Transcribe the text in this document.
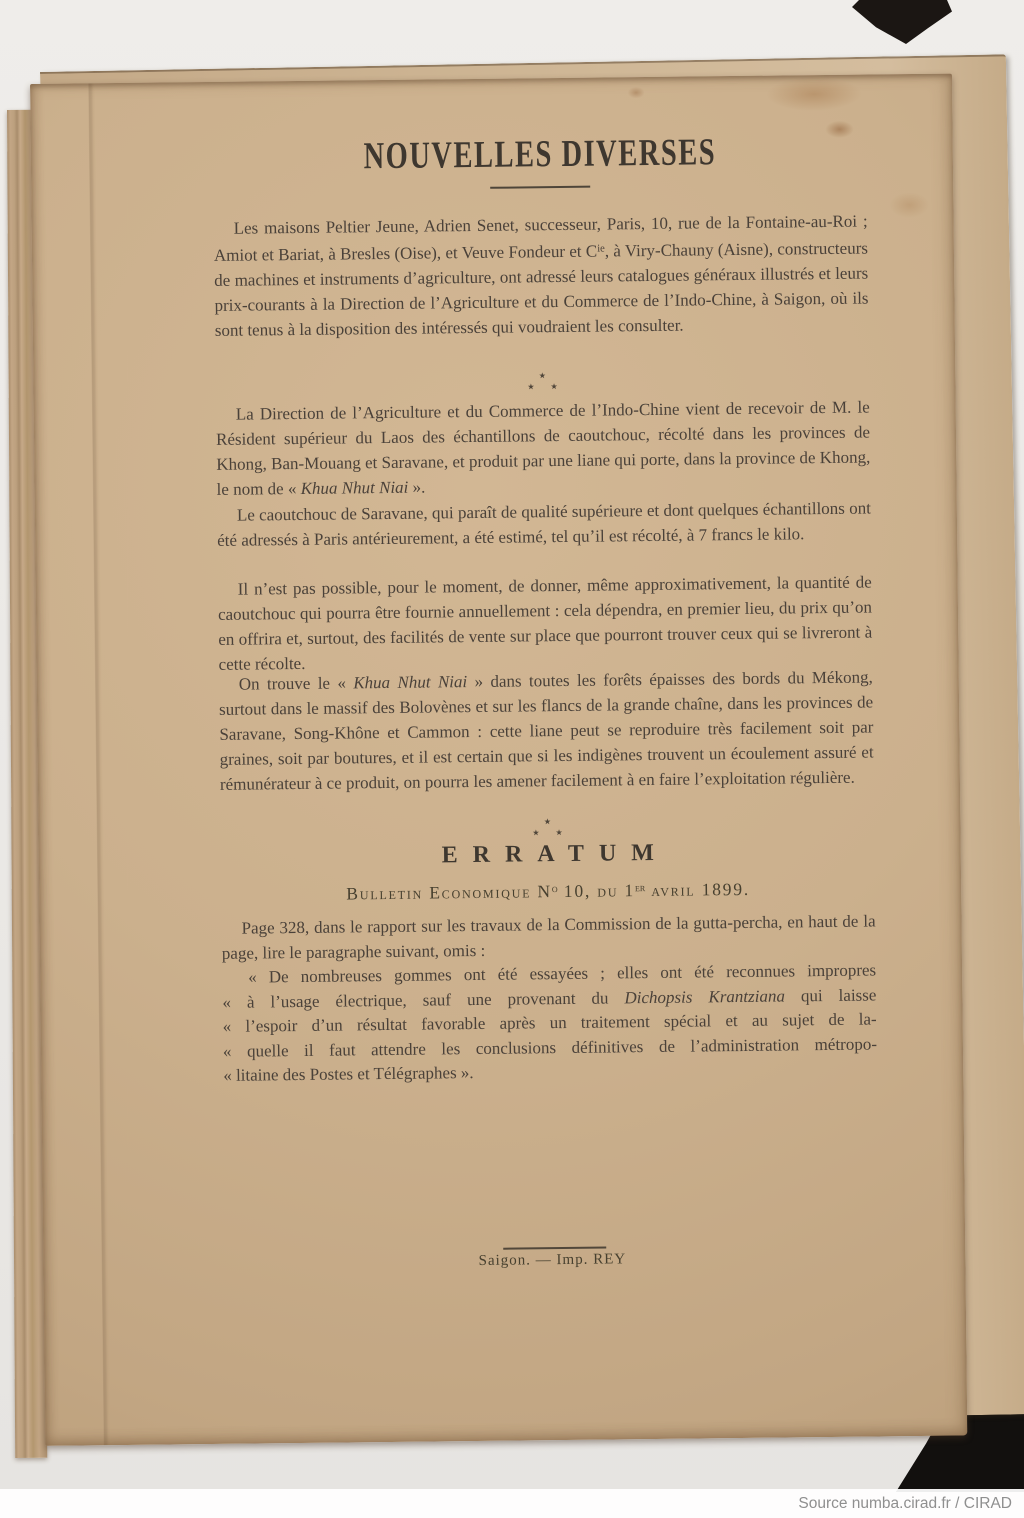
NOUVELLES DIVERSES

Les maisons Peltier Jeune, Adrien Senet, successeur, Paris, 10, rue de la Fontaine-au-Roi ; Amiot et Bariat, à Bresles (Oise), et Veuve Fondeur et $C^{ie}$, à Viry-Chauny (Aisne), constructeurs de machines et instruments d’agriculture, ont adressé leurs catalogues généraux illustrés et leurs prix-courants à la Direction de l’Agriculture et du Commerce de l’Indo-Chine, à Saigon, où ils sont tenus à la disposition des intéressés qui voudraient les consulter.

★
★ ★

La Direction de l’Agriculture et du Commerce de l’Indo-Chine vient de recevoir de M. le Résident supérieur du Laos des échantillons de caoutchouc, récolté dans les provinces de Khong, Ban-Mouang et Saravane, et produit par une liane qui porte, dans la province de Khong, le nom de « Khua Nhut Niai ».

Le caoutchouc de Saravane, qui paraît de qualité supérieure et dont quelques échantillons ont été adressés à Paris antérieurement, a été estimé, tel qu’il est récolté, à 7 francs le kilo.

Il n’est pas possible, pour le moment, de donner, même approximativement, la quantité de caoutchouc qui pourra être fournie annuellement : cela dépendra, en premier lieu, du prix qu’on en offrira et, surtout, des facilités de vente sur place que pourront trouver ceux qui se livreront à cette récolte.

On trouve le « Khua Nhut Niai » dans toutes les forêts épaisses des bords du Mékong, surtout dans le massif des Bolovènes et sur les flancs de la grande chaîne, dans les provinces de Saravane, Song-Khône et Cammon : cette liane peut se reproduire très facilement soit par graines, soit par boutures, et il est certain que si les indigènes trouvent un écoulement assuré et rémunérateur à ce produit, on pourra les amener facilement à en faire l’exploitation régulière.

★
★ ★
ERRATUM
Bulletin Economique $N^o$ 10, du 1er avril 1899.

Page 328, dans le rapport sur les travaux de la Commission de la gutta-percha, en haut de la page, lire le paragraphe suivant, omis :

« De nombreuses gommes ont été essayées ; elles ont été reconnues impropres
« à l’usage électrique, sauf une provenant du Dichopsis Krantziana qui laisse
« l’espoir d’un résultat favorable après un traitement spécial et au sujet de la-
« quelle il faut attendre les conclusions définitives de l’administration métropo-
« litaine des Postes et Télégraphes ».
Saigon. — Imp. REY
Source numba.cirad.fr / CIRAD
